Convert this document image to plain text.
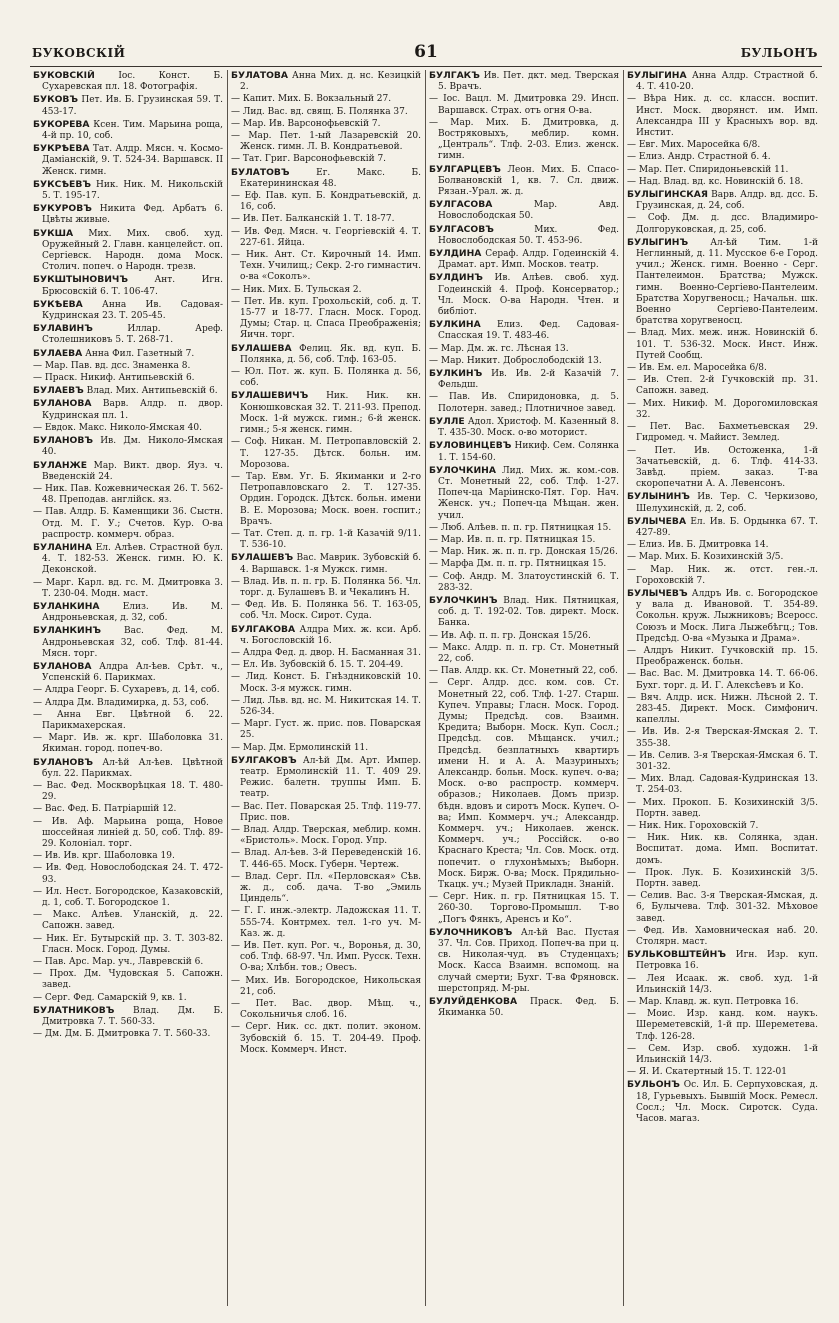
БУКОВСКІЙ	61	БУЛЬОНЪ

БУКОВСКІЙ Іос. Конст. Б. Сухаревская пл. 18. Фотографія.

БУКОВЪ Пет. Ив. Б. Грузинская 59. Т. 453-17.

БУКОРЕВА Ксен. Тим. Марьина роща, 4-й пр. 10, соб.

БУКРѢЕВА Тат. Алдр. Мясн. ч. Космо-Даміанскій, 9. Т. 524-34. Варшавск. II Женск. гимн.

БУКСѢЕВЪ Ник. Ник. М. Никольскій 5. Т. 195-17.

БУКУРОВЪ Никита Фед. Арбатъ 6. Цвѣты живые.

БУКША Мих. Мих. своб. худ. Оружейный 2. Главн. канцелейст. оп. Сергіевск. Народн. дома Моск. Столич. попеч. о Народн. трезв.

БУКШТЫНОВИЧЪ Ант. Игн. Брюсовскій 6. Т. 106-47.

БУКѢЕВА Анна Ив. Садовая-Кудринская 23. Т. 205-45.

БУЛАВИНЪ Иллар. Ареф. Столешниковъ 5. Т. 268-71.

БУЛАЕВА Анна Фил. Газетный 7.

— Мар. Пав. вд. дсс. Знаменка 8.

— Праск. Никиф. Антипьевскій 6.

БУЛАЕВЪ Влад. Мих. Антипьевскій 6.

БУЛАНОВА Варв. Алдр. п. двор. Кудринская пл. 1.

— Евдок. Макс. Николо-Ямская 40.

БУЛАНОВЪ Ив. Дм. Николо-Ямская 40.

БУЛАНЖЕ Мар. Викт. двор. Яуз. ч. Введенскій 24.

— Ник. Пав. Кожевническая 26. Т. 562-48. Преподав. англійск. яз.

— Пав. Алдр. Б. Каменщики 36. Сыстн. Отд. М. Г. У.; Счетов. Кур. О-ва распростр. коммерч. образ.

БУЛАНИНА Ел. Алѣев. Страстной бул. 4. Т. 182-53. Женск. гимн. Ю. К. Деконской.

— Марг. Карл. вд. гс. М. Дмитровка 3. Т. 230-04. Модн. маст.

БУЛАНКИНА Елиз. Ив. М. Андроньевская, д. 32, соб.

БУЛАНКИНЪ Вас. Фед. М. Андроньевская 32, соб. Тлф. 81-44. Мясн. торг.

БУЛАНОВА Алдра Ал-ѣев. Срѣт. ч., Успенскій 6. Парикмах.

— Алдра Георг. Б. Сухаревъ, д. 14, соб.

— Алдра Дм. Владимирка, д. 53, соб.

— Анна Евг. Цвѣтной б. 22. Парикмахерская.

— Марг. Ив. ж. крг. Шаболовка 31. Якиман. город. попеч-во.

БУЛАНОВЪ Ал-ѣй Ал-ѣев. Цвѣтной бул. 22. Парикмах.

— Вас. Фед. Москворѣцкая 18. Т. 480-29.

— Вас. Фед. Б. Патріаршій 12.

— Ив. Аф. Марьина роща, Новое шоссейная линіей д. 50, соб. Тлф. 89-29. Колоніал. торг.

— Ив. Ив. крг. Шаболовка 19.

— Ив. Фед. Новослободская 24. Т. 472-93.

— Ил. Нест. Богородское, Казаковскій, д. 1, соб. Т. Богородское 1.

— Макс. Алѣев. Уланскій, д. 22. Сапожн. завед.

— Ник. Ег. Бутырскій пр. 3. Т. 303-82. Гласн. Моск. Город. Думы.

— Пав. Арс. Мар. уч., Лавревскій 6.

— Прох. Дм. Чудовская 5. Сапожн. завед.

— Серг. Фед. Самарскій 9, кв. 1.

БУЛАТНИКОВЪ Влад. Дм. Б. Дмитровка 7. Т. 560-33.

— Дм. Дм. Б. Дмитровка 7. Т. 560-33.

БУЛАТОВА Анна Мих. д. нс. Кезицкій 2.

— Капит. Мих. Б. Вокзальный 27.

— Лид. Вас. вд. свящ. Б. Полянка 37.

— Мар. Ив. Варсонофьевскій 7.

— Мар. Пет. 1-ый Лазаревскій 20. Женск. гимн. Л. В. Кондратьевой.

— Тат. Григ. Варсонофьевскій 7.

БУЛАТОВЪ Ег. Макс. Б. Екатерининская 48.

— Еф. Пав. куп. Б. Кондратьевскій, д. 16, соб.

— Ив. Пет. Балканскій 1. Т. 18-77.

— Ив. Фед. Мясн. ч. Георгіевскій 4. Т. 227-61. Яйца.

— Ник. Ант. Ст. Кирочный 14. Имп. Техн. Училищ.; Секр. 2-го гимнастич. о-ва «Соколъ».

— Ник. Мих. Б. Тульская 2.

— Пет. Ив. куп. Грохольскій, соб. д. Т. 15-77 и 18-77. Гласн. Моск. Город. Думы; Стар. ц. Спаса Преображенія; Яичн. торг.

БУЛАШЕВА Фелиц. Як. вд. куп. Б. Полянка, д. 56, соб. Тлф. 163-05.

— Юл. Пот. ж. куп. Б. Полянка д. 56, соб.

БУЛАШЕВИЧЪ Ник. Ник. кн. Конюшковская 32. Т. 211-93. Препод. Моск. 1-й мужск. гимн.; 6-й женск. гимн.; 5-я женск. гимн.

— Соф. Никан. М. Петропавловскій 2. Т. 127-35. Дѣтск. больн. им. Морозова.

— Тар. Евм. Уг. Б. Якиманки и 2-го Петропавловскаго 2. Т. 127-35. Ордин. Городск. Дѣтск. больн. имени В. Е. Морозова; Моск. воен. госпит.; Врачъ.

— Тат. Степ. д. п. гр. 1-й Казачій 9/11. Т. 536-10.

БУЛАШЕВЪ Вас. Маврик. Зубовскій б. 4. Варшавск. 1-я Мужск. гимн.

— Влад. Ив. п. п. гр. Б. Полянка 56. Чл. торг. д. Булашевъ В. и Чекалинъ Н.

— Фед. Ив. Б. Полянка 56. Т. 163-05, соб. Чл. Моск. Сирот. Суда.

БУЛГАКОВА Алдра Мих. ж. кси. Арб. ч. Богословскій 16.

— Алдра Фед. д. двор. Н. Басманная 31.

— Ел. Ив. Зубовскій б. 15. Т. 204-49.

— Лид. Конст. Б. Гнѣздниковскій 10. Моск. 3-я мужск. гимн.

— Лид. Льв. вд. нс. М. Никитская 14. Т. 526-34.

— Марг. Густ. ж. прис. пов. Поварская 25.

— Мар. Дм. Ермолинскій 11.

БУЛГАКОВЪ Ал-ѣй Дм. Арт. Импер. театр. Ермолинскій 11. Т. 409 29. Режис. балетн. труппы Имп. Б. театр.

— Вас. Пет. Поварская 25. Тлф. 119-77. Прис. пов.

— Влад. Алдр. Тверская, меблир. комн. «Бристоль». Моск. Город. Упр.

— Влад. Ал-ѣев. 3-й Переведенскій 16. Т. 446-65. Моск. Губерн. Чертеж.

— Влад. Серг. Пл. «Перловская» Сѣв. ж. д., соб. дача. Т-во „Эмиль Циндель“.

— Г. Г. инж.-электр. Ладожская 11. Т. 555-74. Контрмех. тел. 1-го уч. М-Каз. ж. д.

— Ив. Пет. куп. Рог. ч., Воронья, д. 30, соб. Тлф. 68-97. Чл. Имп. Русск. Техн. О-ва; Хлѣбн. тов.; Овесъ.

— Мих. Ив. Богородское, Никольская 21, соб.

— Пет. Вас. двор. Мѣщ. ч., Сокольничья слоб. 16.

— Серг. Ник. сс. дкт. полит. эконом. Зубовскій б. 15. Т. 204-49. Проф. Моск. Коммерч. Инст.

БУЛГАКЪ Ив. Пет. дкт. мед. Тверская 5. Врачъ.

— Іос. Вацл. М. Дмитровка 29. Инсп. Варшавск. Страх. отъ огня О-ва.

— Мар. Мих. Б. Дмитровка, д. Востряковыхъ, меблир. комн. „Централь“. Тлф. 2-03. Елиз. женск. гимн.

БУЛГАРЦЕВЪ Леон. Мих. Б. Спасо-Болвановскій 1, кв. 7. Сл. движ. Рязан.-Урал. ж. д.

БУЛГАСОВА Мар. Авд. Новослободская 50.

БУЛГАСОВЪ Мих. Фед. Новослободская 50. Т. 453-96.

БУЛДИНА Сераф. Алдр. Годеинскій 4. Драмат. арт. Имп. Москов. театр.

БУЛДИНЪ Ив. Алѣев. своб. худ. Годеинскій 4. Проф. Консерватор.; Чл. Моск. О-ва Народн. Чтен. и библіот.

БУЛКИНА Елиз. Фед. Садовая-Спасская 19. Т. 483-46.

— Мар. Дм. ж. гс. Лѣсная 13.

— Мар. Никит. Доброслободскій 13.

БУЛКИНЪ Ив. Ив. 2-й Казачій 7. Фельдш.

— Пав. Ив. Спиридоновка, д. 5. Полотерн. завед.; Плотничное завед.

БУЛЛЕ Адол. Христоф. М. Казенный 8. Т. 435-30. Моск. о-во моторист.

БУЛОВИНЦЕВЪ Никиф. Сем. Солянка 1. Т. 154-60.

БУЛОЧКИНА Лид. Мих. ж. ком.-сов. Ст. Монетный 22, соб. Тлф. 1-27. Попеч-ца Маріинско-Пят. Гор. Нач. Женск. уч.; Попеч-ца Мѣщан. жен. учил.

— Люб. Алѣев. п. п. гр. Пятницкая 15.

— Мар. Ив. п. п. гр. Пятницкая 15.

— Мар. Ник. ж. п. п. гр. Донская 15/26.

— Марфа Дм. п. п. гр. Пятницкая 15.

— Соф. Андр. М. Златоустинскій 6. Т. 283-32.

БУЛОЧКИНЪ Влад. Ник. Пятницкая, соб. д. Т. 192-02. Тов. директ. Моск. Банка.

— Ив. Аф. п. п. гр. Донская 15/26.

— Макс. Алдр. п. п. гр. Ст. Монетный 22, соб.

— Пав. Алдр. кк. Ст. Монетный 22, соб.

— Серг. Алдр. дсс. ком. сов. Ст. Монетный 22, соб. Тлф. 1-27. Старш. Купеч. Управы; Гласн. Моск. Город. Думы; Предсѣд. сов. Взаимн. Кредита; Выборн. Моск. Куп. Сосл.; Предсѣд. сов. Мѣщанск. учил.; Предсѣд. безплатныхъ квартиръ имени Н. и А. А. Мазуриныхъ; Александр. больн. Моск. купеч. о-ва; Моск. о-во распростр. коммерч. образов.; Николаев. Домъ призр. бѣдн. вдовъ и сиротъ Моск. Купеч. О-ва; Имп. Коммерч. уч.; Александр. Коммерч. уч.; Николаев. женск. Коммерч. уч.; Россійск. о-во Краснаго Креста; Чл. Сов. Моск. отд. попечит. о глухонѣмыхъ; Выборн. Моск. Бирж. О-ва; Моск. Прядильно-Ткацк. уч.; Музей Прикладн. Знаній.

— Серг. Ник. п. гр. Пятницкая 15. Т. 260-30. Торгово-Промышл. Т-во „Погъ Фянкъ, Аренсъ и Ко“.

БУЛОЧНИКОВЪ Ал-ѣй Вас. Пустая 37. Чл. Сов. Приход. Попеч-ва при ц. св. Николая-чуд. въ Студенцахъ; Моск. Касса Взаимн. вспомощ. на случай смерти; Бухг. Т-ва Фряновск. шерстопряд. М-ры.

БУЛУЙДЕНКОВА Праск. Фед. Б. Якиманка 50.

БУЛЫГИНА Анна Алдр. Страстной б. 4. Т. 410-20.

— Вѣра Ник. д. сс. классн. воспит. Инст. Моск. дворянст. им. Имп. Александра III у Красныхъ вор. вд. Инстит.

— Евг. Мих. Маросейка 6/8.

— Елиз. Андр. Страстной б. 4.

— Мар. Пет. Спиридоньевскій 11.

— Над. Влад. вд. кс. Новинскій б. 18.

БУЛЫГИНСКАЯ Варв. Алдр. вд. дсс. Б. Грузинская, д. 24, соб.

— Соф. Дм. д. дсс. Владимиро-Долгоруковская, д. 25, соб.

БУЛЫГИНЪ Ал-ѣй Тим. 1-й Неглинный, д. 11. Мусское 6-е Город. учил.; Женск. гимн. Военно - Серг. Пантелеимон. Братства; Мужск. гимн. Военно-Сергіево-Пантелеим. Братства Хоругвеносц.; Начальн. шк. Военно Сергіево-Пантелеим. братства хоругвеносц.

— Влад. Мих. меж. инж. Новинскій б. 101. Т. 536-32. Моск. Инст. Инж. Путей Сообщ.

— Ив. Ем. ел. Маросейка 6/8.

— Ив. Степ. 2-й Гучковскій пр. 31. Сапожн. завед.

— Мих. Никиф. М. Дорогомиловская 32.

— Пет. Вас. Бахметьевская 29. Гидромед. ч. Майист. Землед.

— Пет. Ив. Остоженка, 1-й Зачатьевскій, д. 6. Тлф. 414-33. Завѣд. пріем. заказ. Т-ва скоропечатни А. А. Левенсонъ.

БУЛЫНИНЪ Ив. Тер. С. Черкизово, Шелухинскій, д. 2, соб.

БУЛЫЧЕВА Ел. Ив. Б. Ордынка 67. Т. 427-89.

— Елиз. Ив. Б. Дмитровка 14.

— Мар. Мих. Б. Козихинскій 3/5.

— Мар. Ник. ж. отст. ген.-л. Гороховскій 7.

БУЛЫЧЕВЪ Алдръ Ив. с. Богородское у вала д. Ивановой. Т. 354-89. Сокольн. круж. Лыжниковъ; Всеросс. Союзъ и Моск. Лига Лыжебѣгц.; Тов. Предсѣд. О-ва «Музыка и Драма».

— Алдръ Никит. Гучковскій пр. 15. Преображенск. больн.

— Вас. Вас. М. Дмитровка 14. Т. 66-06. Бухг. торг. д. И. Г. Алексѣевъ и Ко.

— Вяч. Алдр. иск. Нижн. Лѣсной 2. Т. 283-45. Директ. Моск. Симфонич. капеллы.

— Ив. Ив. 2-я Тверская-Ямская 2. Т. 355-38.

— Ив. Селив. 3-я Тверская-Ямская 6. Т. 301-32.

— Мих. Влад. Садовая-Кудринская 13. Т. 254-03.

— Мих. Прокоп. Б. Козихинскій 3/5. Портн. завед.

— Ник. Ник. Гороховскій 7.

— Ник. Ник. кв. Солянка, здан. Воспитат. дома. Имп. Воспитат. домъ.

— Прок. Лук. Б. Козихинскій 3/5. Портн. завед.

— Селив. Вас. 3-я Тверская-Ямская, д. 6, Булычева. Тлф. 301-32. Мѣховое завед.

— Фед. Ив. Хамовническая наб. 20. Столярн. маст.

БУЛЬКОВШТЕЙНЪ Игн. Изр. куп. Петровка 16.

— Лея Исаак. ж. своб. худ. 1-й Ильинскій 14/3.

— Мар. Клавд. ж. куп. Петровка 16.

— Моис. Изр. канд. ком. наукъ. Шереметевскій, 1-й пр. Шереметева. Тлф. 126-28.

— Сем. Изр. своб. художн. 1-й Ильинскій 14/3.

— Я. И. Скатертный 15. Т. 122-01

БУЛЬОНЪ Ос. Ил. Б. Серпуховская, д. 18, Гурьевыхъ. Бывшій Моск. Ремесл. Сосл.; Чл. Моск. Сиротск. Суда. Часов. магаз.
